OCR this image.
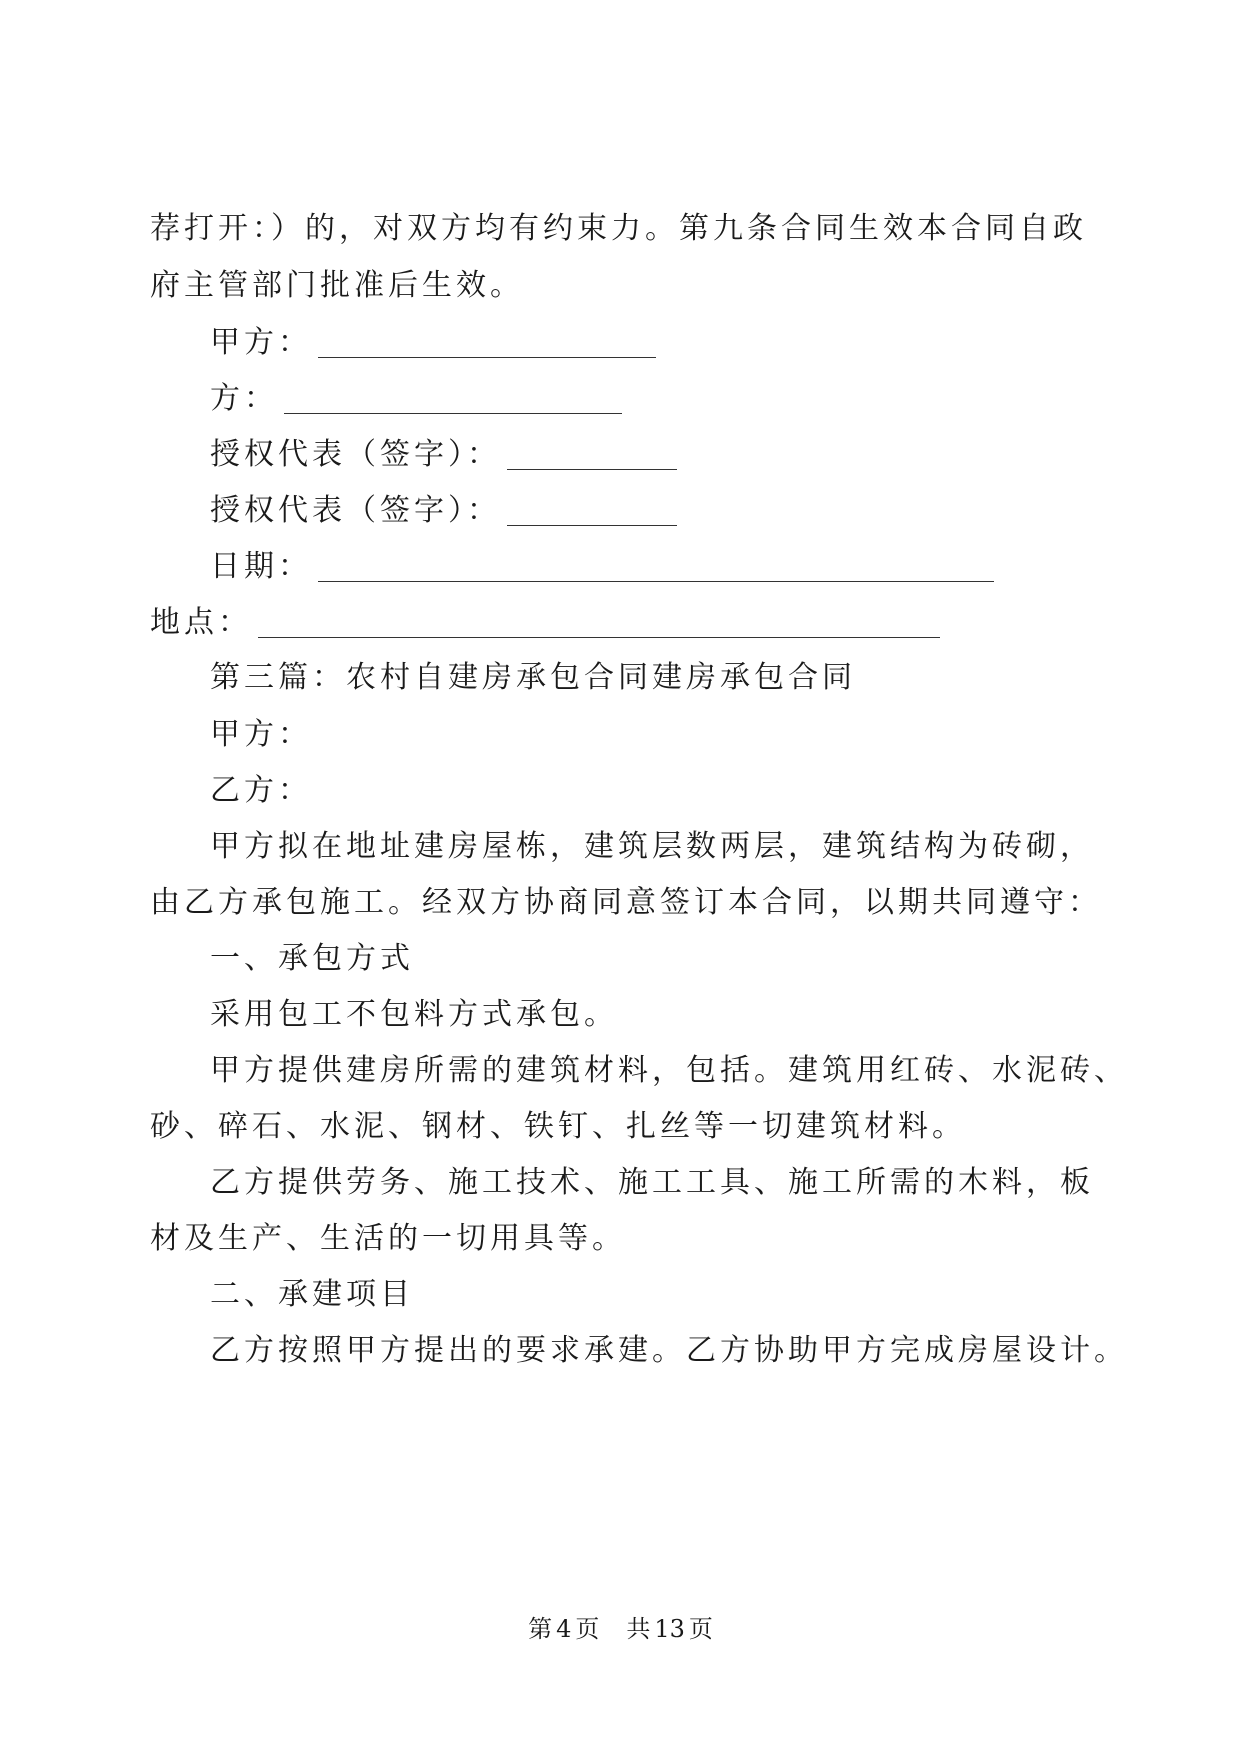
荐打开：）的，对双方均有约束力。第九条合同生效本合同自政
府主管部门批准后生效。
甲方：
方：
授权代表（签字）：
授权代表（签字）：
日期：
地点：
第三篇：农村自建房承包合同建房承包合同
甲方：
乙方：
甲方拟在地址建房屋栋，建筑层数两层，建筑结构为砖砌，
由乙方承包施工。经双方协商同意签订本合同，以期共同遵守：
一、承包方式
采用包工不包料方式承包。
甲方提供建房所需的建筑材料，包括。建筑用红砖、水泥砖、
砂、碎石、水泥、钢材、铁钉、扎丝等一切建筑材料。
乙方提供劳务、施工技术、施工工具、施工所需的木料，板
材及生产、生活的一切用具等。
二、承建项目
乙方按照甲方提出的要求承建。乙方协助甲方完成房屋设计。
第 4 页 共 13 页
